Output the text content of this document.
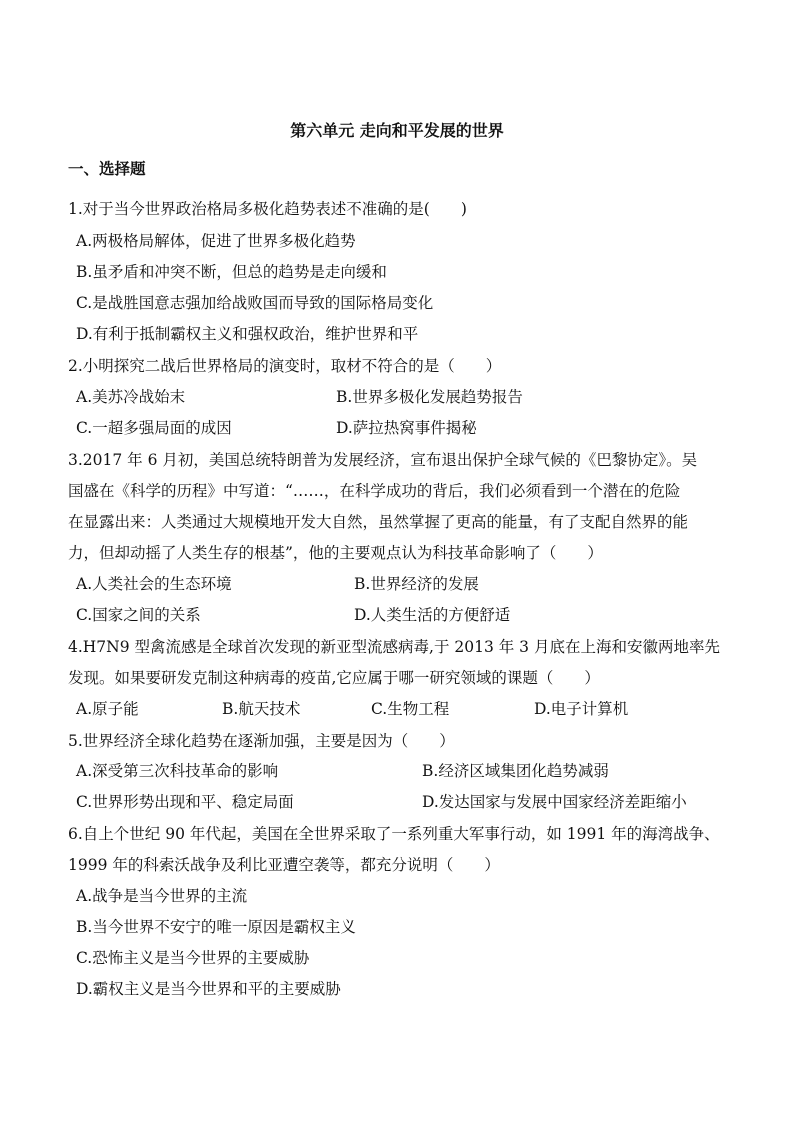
第六单元 走向和平发展的世界
一、选择题
1.对于当今世界政治格局多极化趋势表述不准确的是(　　)
A.两极格局解体，促进了世界多极化趋势
B.虽矛盾和冲突不断，但总的趋势是走向缓和
C.是战胜国意志强加给战败国而导致的国际格局变化
D.有利于抵制霸权主义和强权政治，维护世界和平
2.小明探究二战后世界格局的演变时，取材不符合的是（　　）
A.美苏冷战始末	B.世界多极化发展趋势报告
C.一超多强局面的成因	D.萨拉热窝事件揭秘
3.2017 年 6 月初，美国总统特朗普为发展经济，宣布退出保护全球气候的《巴黎协定》。吴
国盛在《科学的历程》中写道：“……，在科学成功的背后，我们必须看到一个潜在的危险
在显露出来：人类通过大规模地开发大自然，虽然掌握了更高的能量，有了支配自然界的能
力，但却动摇了人类生存的根基”，他的主要观点认为科技革命影响了（　　）
A.人类社会的生态环境	B.世界经济的发展
C.国家之间的关系	D.人类生活的方便舒适
4.H7N9 型禽流感是全球首次发现的新亚型流感病毒,于 2013 年 3 月底在上海和安徽两地率先
发现。如果要研发克制这种病毒的疫苗,它应属于哪一研究领域的课题（　　）
A.原子能	B.航天技术	C.生物工程	D.电子计算机
5.世界经济全球化趋势在逐渐加强，主要是因为（　　）
A.深受第三次科技革命的影响	B.经济区域集团化趋势减弱
C.世界形势出现和平、稳定局面	D.发达国家与发展中国家经济差距缩小
6.自上个世纪 90 年代起，美国在全世界采取了一系列重大军事行动，如 1991 年的海湾战争、
1999 年的科索沃战争及利比亚遭空袭等，都充分说明（　　）
A.战争是当今世界的主流
B.当今世界不安宁的唯一原因是霸权主义
C.恐怖主义是当今世界的主要威胁
D.霸权主义是当今世界和平的主要威胁
